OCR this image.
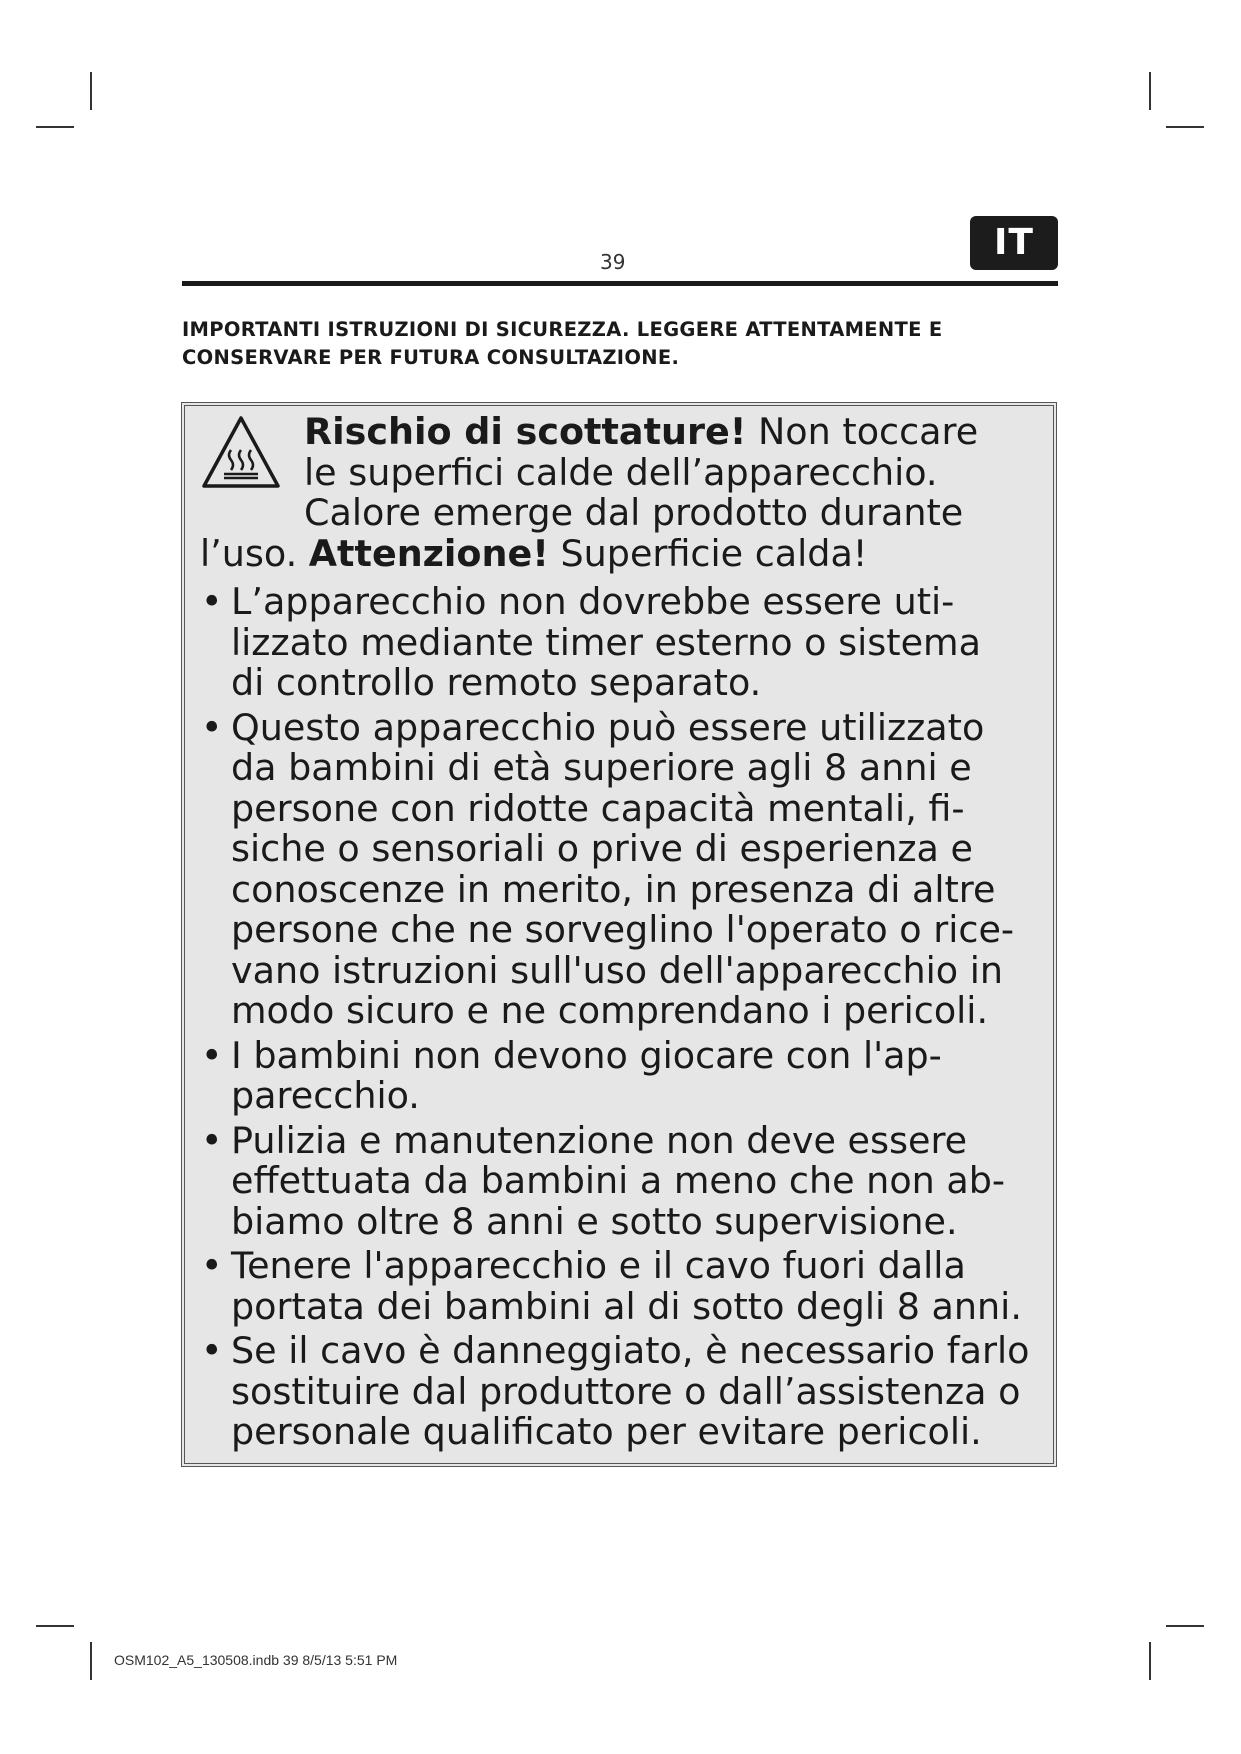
39	IT
IMPORTANTI ISTRUZIONI DI SICUREZZA. LEGGERE ATTENTAMENTE E
CONSERVARE PER FUTURA CONSULTAZIONE.
Rischio di scottature! Non toccare
le superfici calde dell’apparecchio.
Calore emerge dal prodotto durante
l’uso. Attenzione! Superficie calda!
• L’apparecchio non dovrebbe essere uti-
lizzato mediante timer esterno o sistema
di controllo remoto separato.
• Questo apparecchio può essere utilizzato
da bambini di età superiore agli 8 anni e
persone con ridotte capacità mentali, fi-
siche o sensoriali o prive di esperienza e
conoscenze in merito, in presenza di altre
persone che ne sorveglino l'operato o rice-
vano istruzioni sull'uso dell'apparecchio in
modo sicuro e ne comprendano i pericoli.
• I bambini non devono giocare con l'ap-
parecchio.
• Pulizia e manutenzione non deve essere
effettuata da bambini a meno che non ab-
biamo oltre 8 anni e sotto supervisione.
• Tenere l'apparecchio e il cavo fuori dalla
portata dei bambini al di sotto degli 8 anni.
• Se il cavo è danneggiato, è necessario farlo
sostituire dal produttore o dall’assistenza o
personale qualificato per evitare pericoli.
OSM102_A5_130508.indb 39 8/5/13 5:51 PM
